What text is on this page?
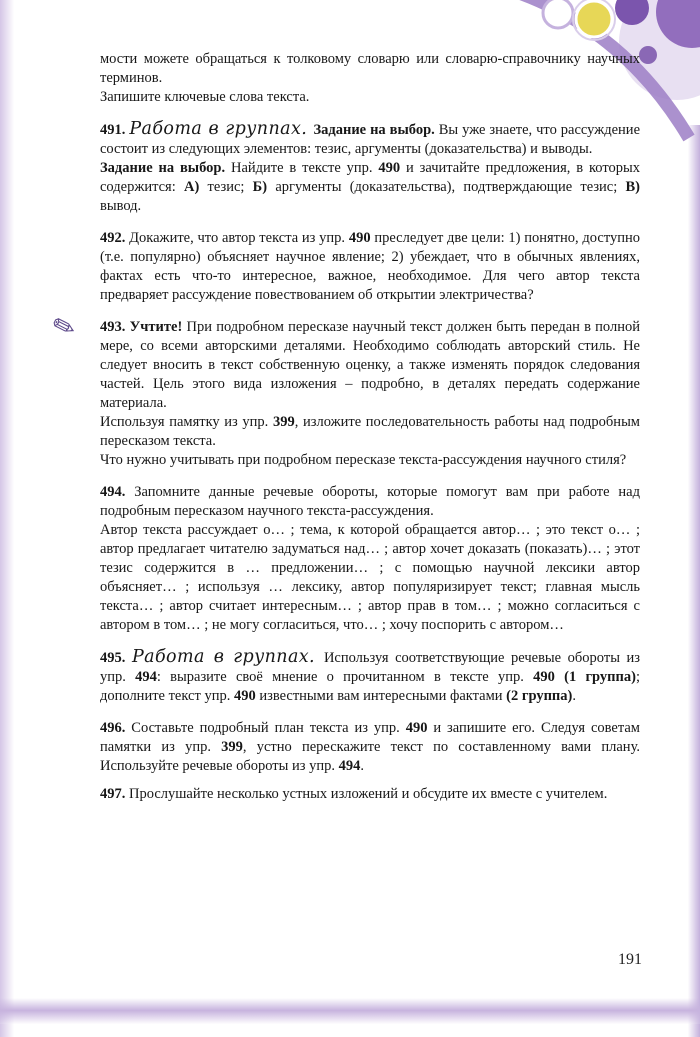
мости можете обращаться к толковому словарю или словарю-справочнику научных терминов.

Запишите ключевые слова текста.

491. Работа в группах. Задание на выбор. Вы уже знаете, что рассуждение состоит из следующих элементов: тезис, аргументы (доказательства) и выводы.

Задание на выбор. Найдите в тексте упр. 490 и зачитайте предложения, в которых содержится: А) тезис; Б) аргументы (доказательства), подтверждающие тезис; В) вывод.

492. Докажите, что автор текста из упр. 490 преследует две цели: 1) понятно, доступно (т.е. популярно) объясняет научное явление; 2) убеждает, что в обычных явлениях, фактах есть что-то интересное, важное, необходимое. Для чего автор текста предваряет рассуждение повествованием об открытии электричества?

✎ 493. Учтите! При подробном пересказе научный текст должен быть передан в полной мере, со всеми авторскими деталями. Необходимо соблюдать авторский стиль. Не следует вносить в текст собственную оценку, а также изменять порядок следования частей. Цель этого вида изложения – подробно, в деталях передать содержание материала.

Используя памятку из упр. 399, изложите последовательность работы над подробным пересказом текста.

Что нужно учитывать при подробном пересказе текста-рассуждения научного стиля?

494. Запомните данные речевые обороты, которые помогут вам при работе над подробным пересказом научного текста-рассуждения.

Автор текста рассуждает о… ; тема, к которой обращается автор… ; это текст о… ; автор предлагает читателю задуматься над… ; автор хочет доказать (показать)… ; этот тезис содержится в … предложении… ; с помощью научной лексики автор объясняет… ; используя … лексику, автор популяризирует текст; главная мысль текста… ; автор считает интересным… ; автор прав в том… ; можно согласиться с автором в том… ; не могу согласиться, что… ; хочу поспорить с автором…

495. Работа в группах. Используя соответствующие речевые обороты из упр. 494: выразите своё мнение о прочитанном в тексте упр. 490 (1 группа); дополните текст упр. 490 известными вам интересными фактами (2 группа).

496. Составьте подробный план текста из упр. 490 и запишите его. Следуя советам памятки из упр. 399, устно перескажите текст по составленному вами плану. Используйте речевые обороты из упр. 494.

497. Прослушайте несколько устных изложений и обсудите их вместе с учителем.

191
